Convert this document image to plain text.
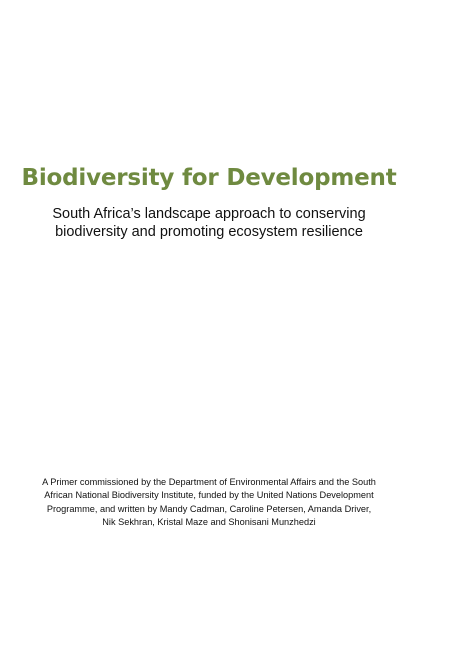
Biodiversity for Development
South Africa’s landscape approach to conserving
biodiversity and promoting ecosystem resilience
A Primer commissioned by the Department of Environmental Affairs and the South
African National Biodiversity Institute, funded by the United Nations Development
Programme, and written by Mandy Cadman, Caroline Petersen, Amanda Driver,
Nik Sekhran, Kristal Maze and Shonisani Munzhedzi
